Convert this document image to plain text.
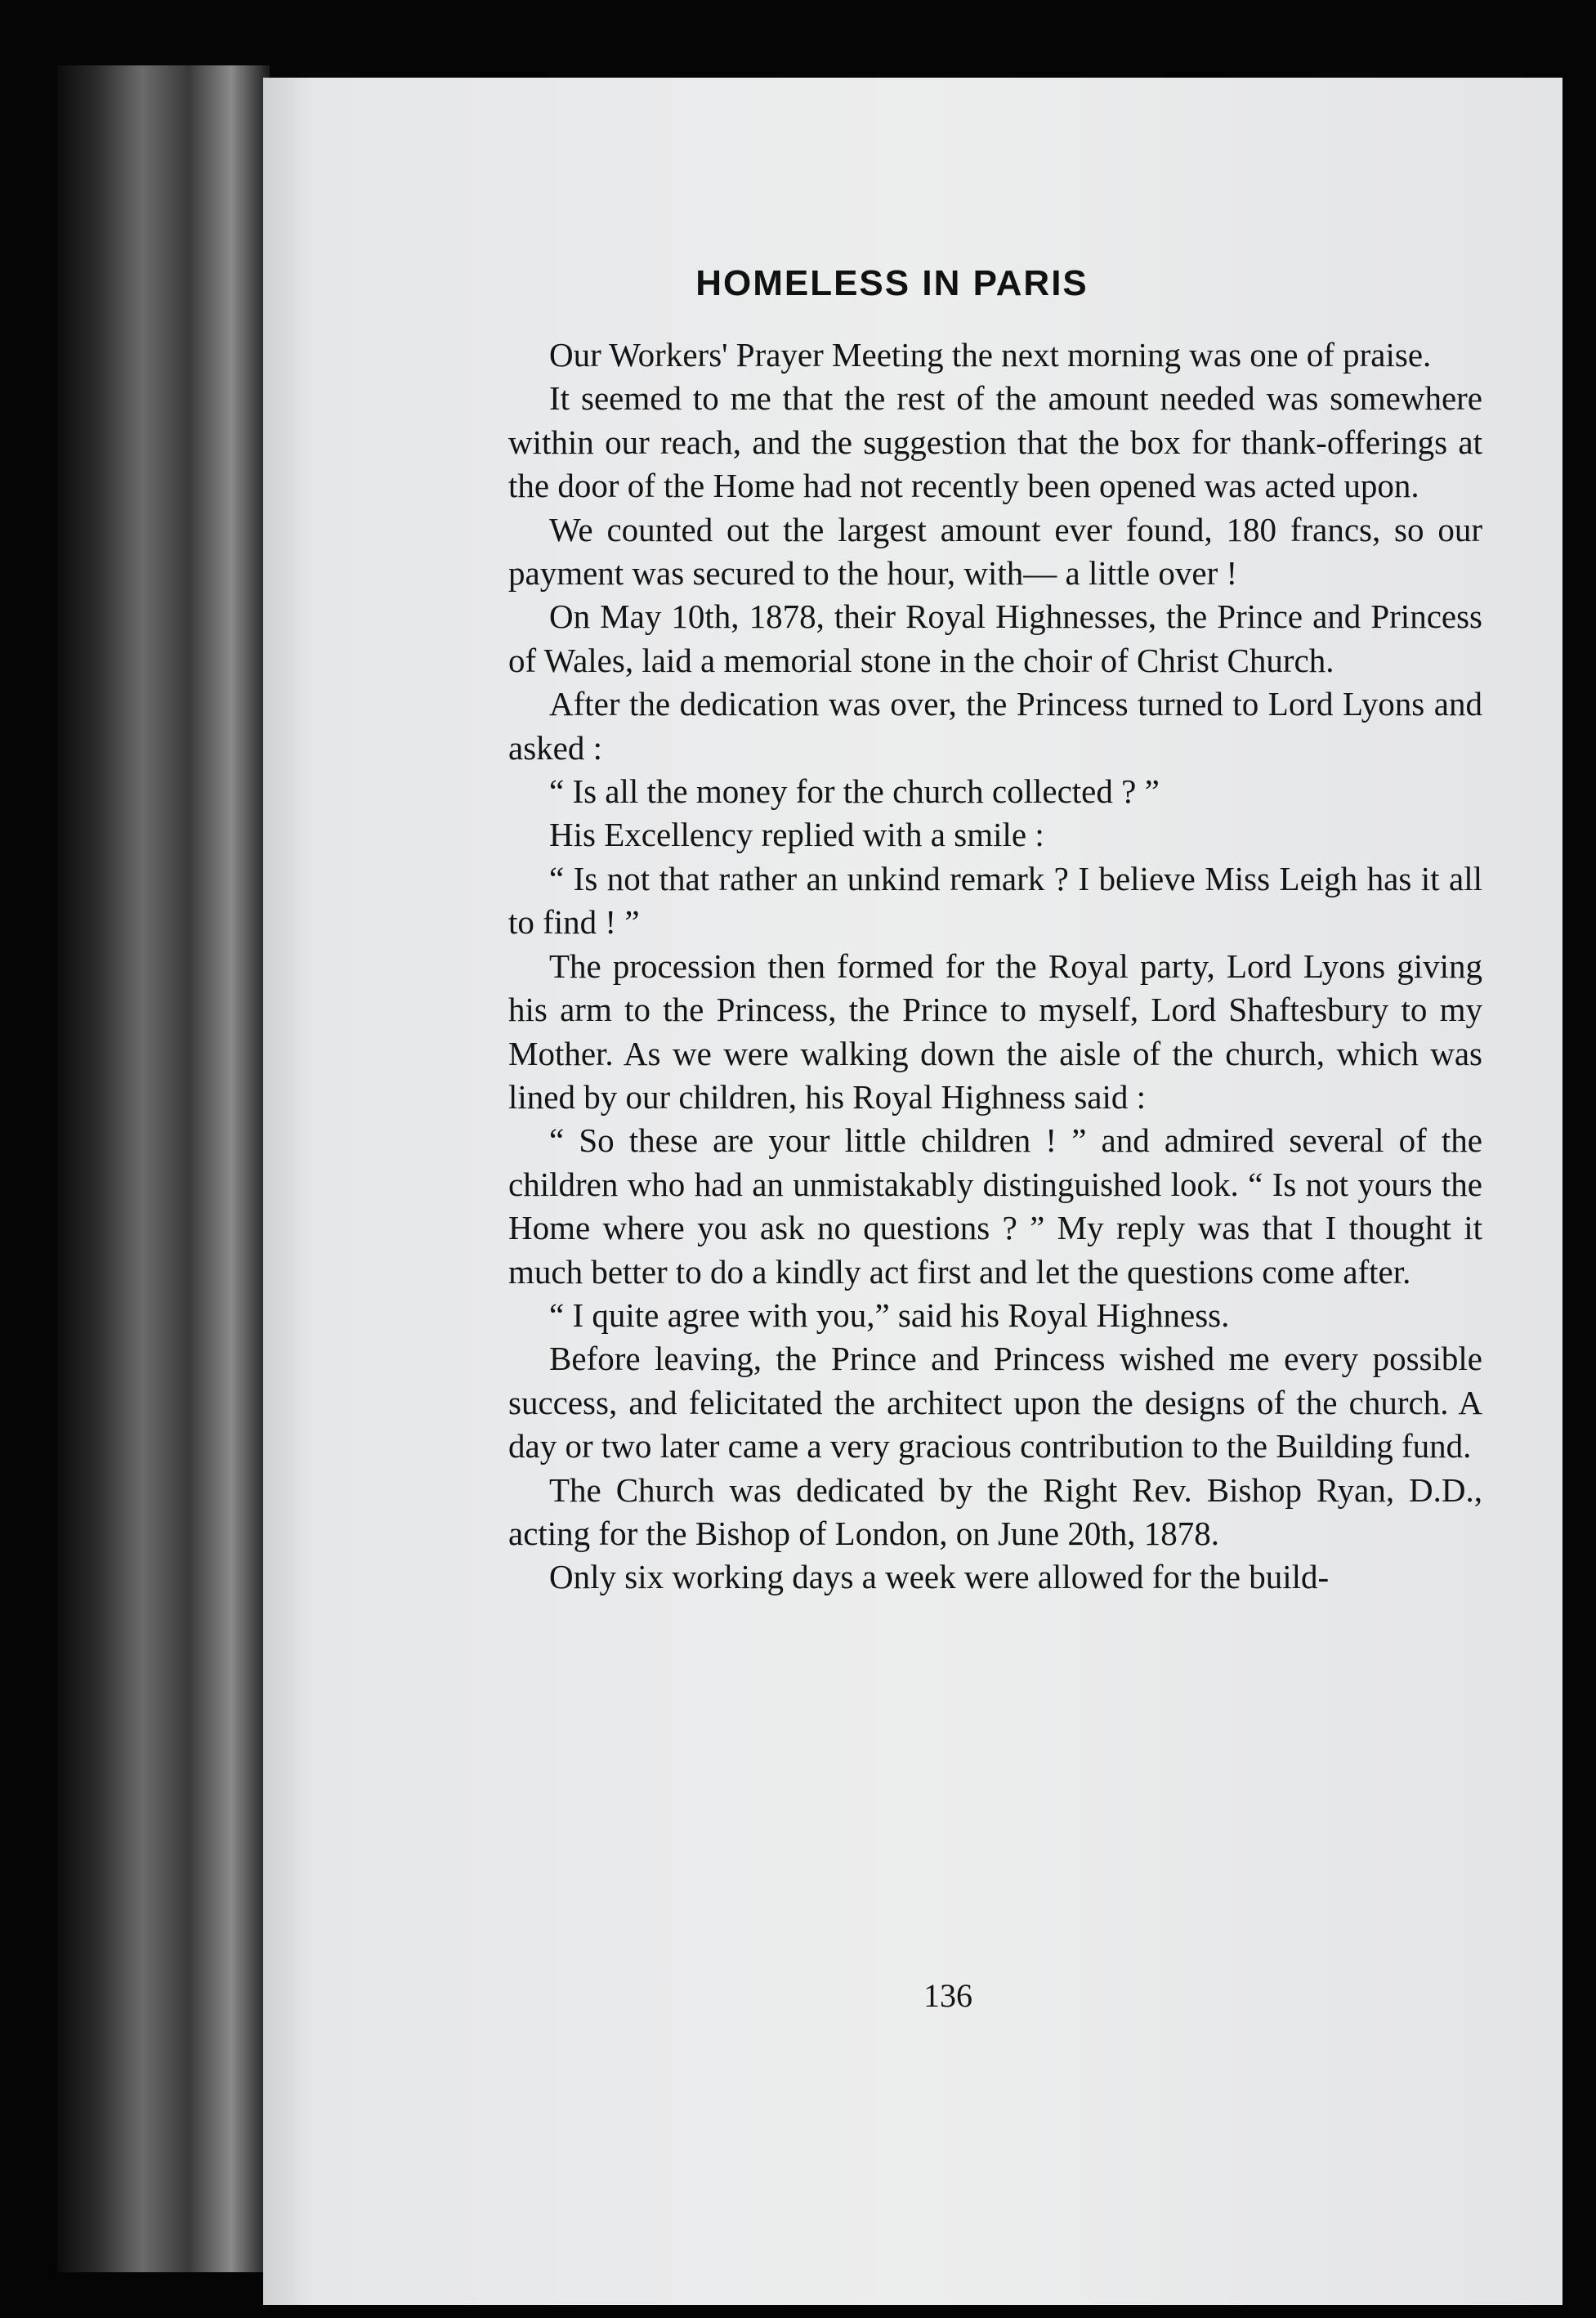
HOMELESS IN PARIS

Our Workers' Prayer Meeting the next morning was one of praise.

It seemed to me that the rest of the amount needed was somewhere within our reach, and the suggestion that the box for thank-offerings at the door of the Home had not recently been opened was acted upon.

We counted out the largest amount ever found, 180 francs, so our payment was secured to the hour, with— a little over !

On May 10th, 1878, their Royal Highnesses, the Prince and Princess of Wales, laid a memorial stone in the choir of Christ Church.

After the dedication was over, the Princess turned to Lord Lyons and asked :

“ Is all the money for the church collected ? ”

His Excellency replied with a smile :

“ Is not that rather an unkind remark ? I believe Miss Leigh has it all to find ! ”

The procession then formed for the Royal party, Lord Lyons giving his arm to the Princess, the Prince to myself, Lord Shaftesbury to my Mother. As we were walking down the aisle of the church, which was lined by our children, his Royal Highness said :

“ So these are your little children ! ” and admired several of the children who had an unmistakably distinguished look. “ Is not yours the Home where you ask no questions ? ” My reply was that I thought it much better to do a kindly act first and let the questions come after.

“ I quite agree with you,” said his Royal Highness.

Before leaving, the Prince and Princess wished me every possible success, and felicitated the architect upon the designs of the church. A day or two later came a very gracious contribution to the Building fund.

The Church was dedicated by the Right Rev. Bishop Ryan, D.D., acting for the Bishop of London, on June 20th, 1878.

Only six working days a week were allowed for the build-

136
